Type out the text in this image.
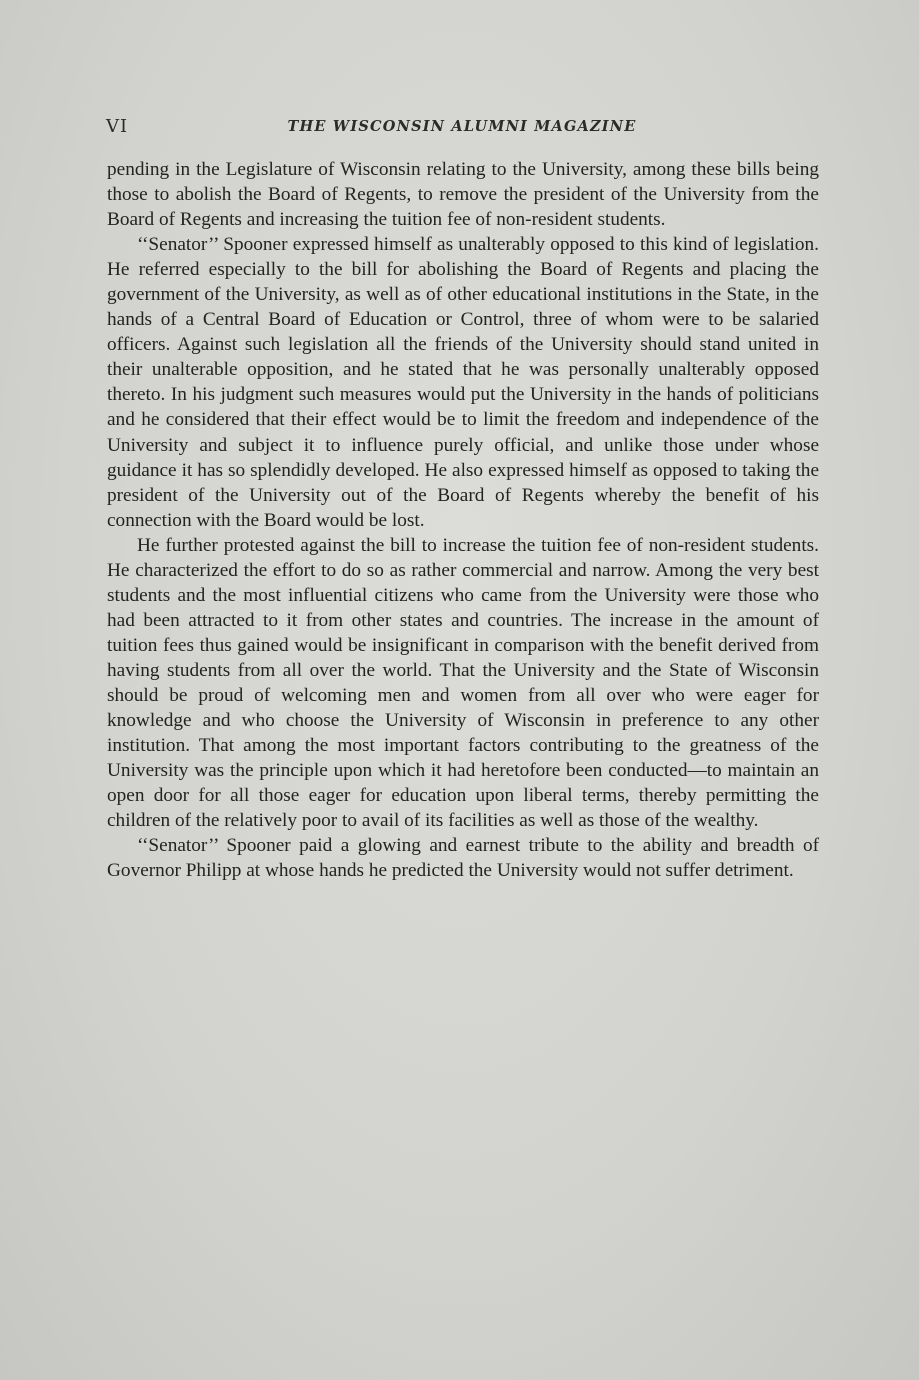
VI	THE WISCONSIN ALUMNI MAGAZINE

pending in the Legislature of Wisconsin relating to the University, among these bills being those to abolish the Board of Regents, to remove the president of the University from the Board of Regents and increasing the tuition fee of non-resident students.

‘‘Senator’’ Spooner expressed himself as unalterably opposed to this kind of legislation. He referred especially to the bill for abolishing the Board of Regents and placing the government of the University, as well as of other educational institutions in the State, in the hands of a Central Board of Education or Control, three of whom were to be salaried officers. Against such legislation all the friends of the University should stand united in their unalterable opposition, and he stated that he was personally unalterably opposed thereto. In his judgment such measures would put the University in the hands of politicians and he considered that their effect would be to limit the freedom and independence of the University and subject it to influence purely official, and unlike those under whose guidance it has so splendidly developed. He also expressed himself as opposed to taking the president of the University out of the Board of Regents whereby the benefit of his connection with the Board would be lost.

He further protested against the bill to increase the tuition fee of non-resident students. He characterized the effort to do so as rather commercial and narrow. Among the very best students and the most influential citizens who came from the University were those who had been attracted to it from other states and countries. The increase in the amount of tuition fees thus gained would be insignificant in comparison with the benefit derived from having students from all over the world. That the University and the State of Wisconsin should be proud of welcoming men and women from all over who were eager for knowledge and who choose the University of Wisconsin in preference to any other institution. That among the most important factors contributing to the greatness of the University was the principle upon which it had heretofore been conducted—to maintain an open door for all those eager for education upon liberal terms, thereby permitting the children of the relatively poor to avail of its facilities as well as those of the wealthy.

‘‘Senator’’ Spooner paid a glowing and earnest tribute to the ability and breadth of Governor Philipp at whose hands he predicted the University would not suffer detriment.
